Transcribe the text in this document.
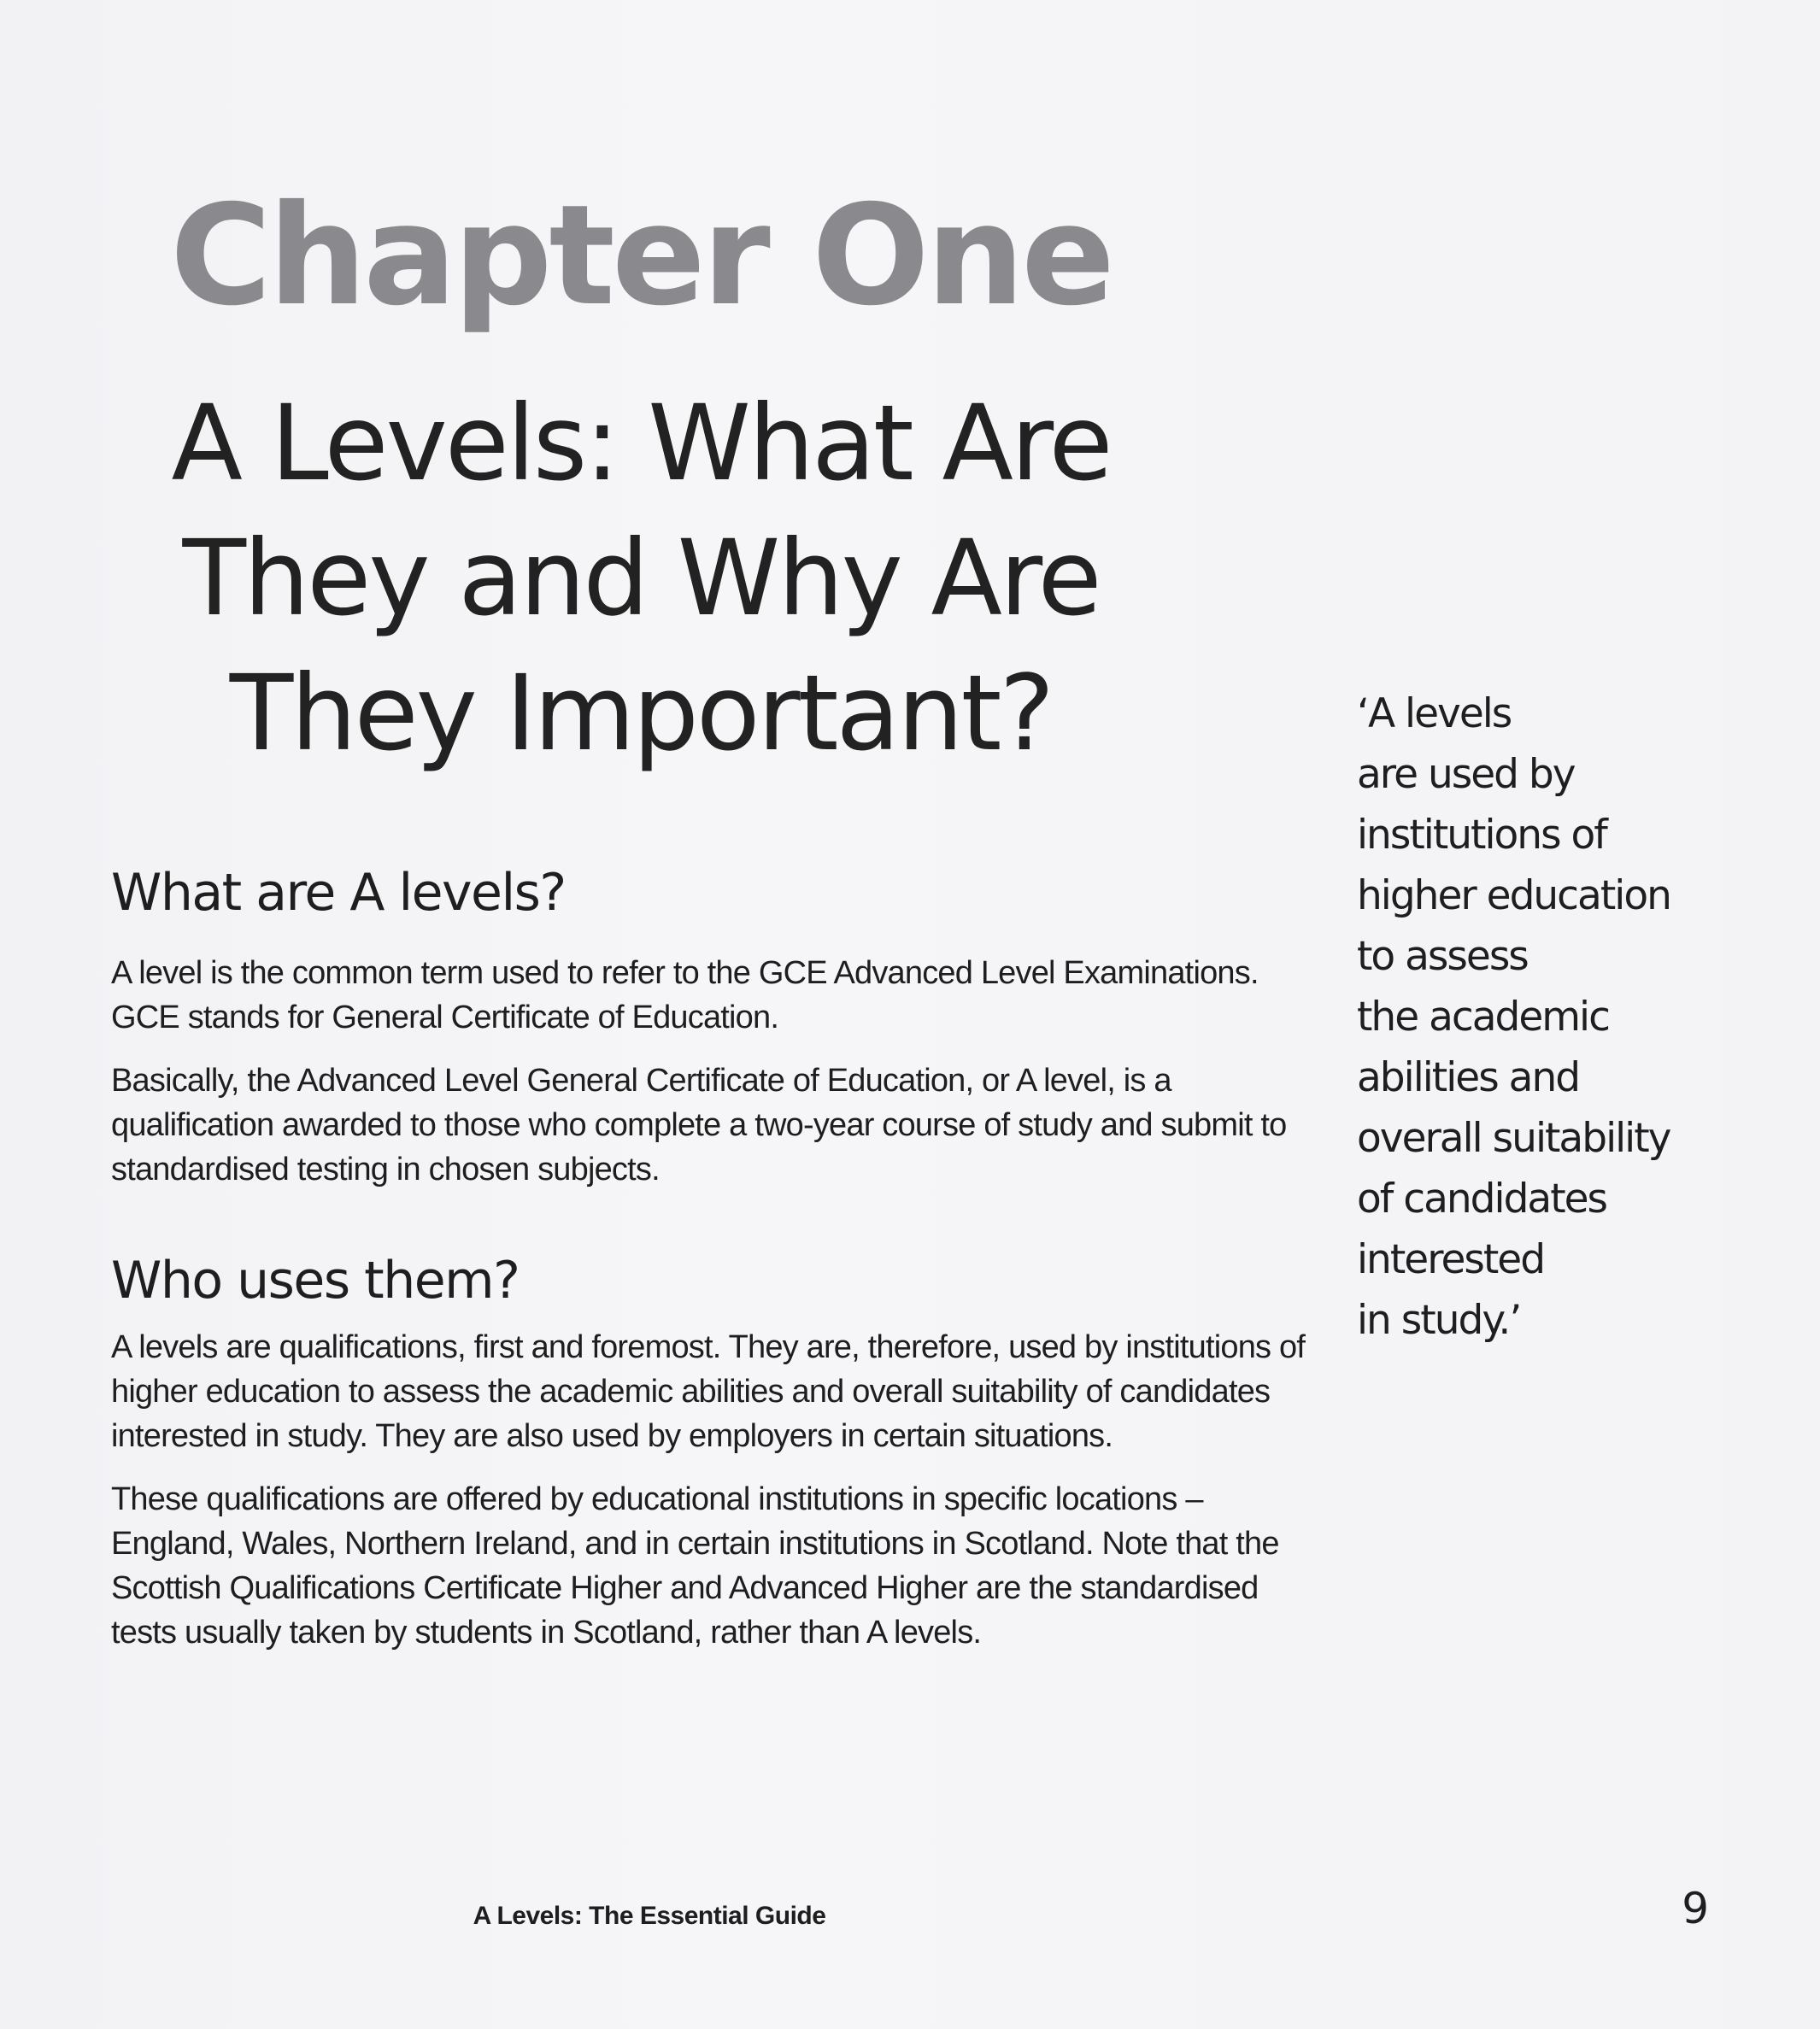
Chapter One
A Levels: What Are
They and Why Are
They Important?
What are A levels?

A level is the common term used to refer to the GCE Advanced Level Examinations. GCE stands for General Certificate of Education.

Basically, the Advanced Level General Certificate of Education, or A level, is a qualification awarded to those who complete a two-year course of study and submit to standardised testing in chosen subjects.

Who uses them?

A levels are qualifications, first and foremost. They are, therefore, used by institutions of higher education to assess the academic abilities and overall suitability of candidates interested in study. They are also used by employers in certain situations.

These qualifications are offered by educational institutions in specific locations – England, Wales, Northern Ireland, and in certain institutions in Scotland. Note that the Scottish Qualifications Certificate Higher and Advanced Higher are the standardised tests usually taken by students in Scotland, rather than A levels.

‘A levels
are used by
institutions of
higher education
to assess
the academic
abilities and
overall suitability
of candidates
interested
in study.’
A Levels: The Essential Guide	9
